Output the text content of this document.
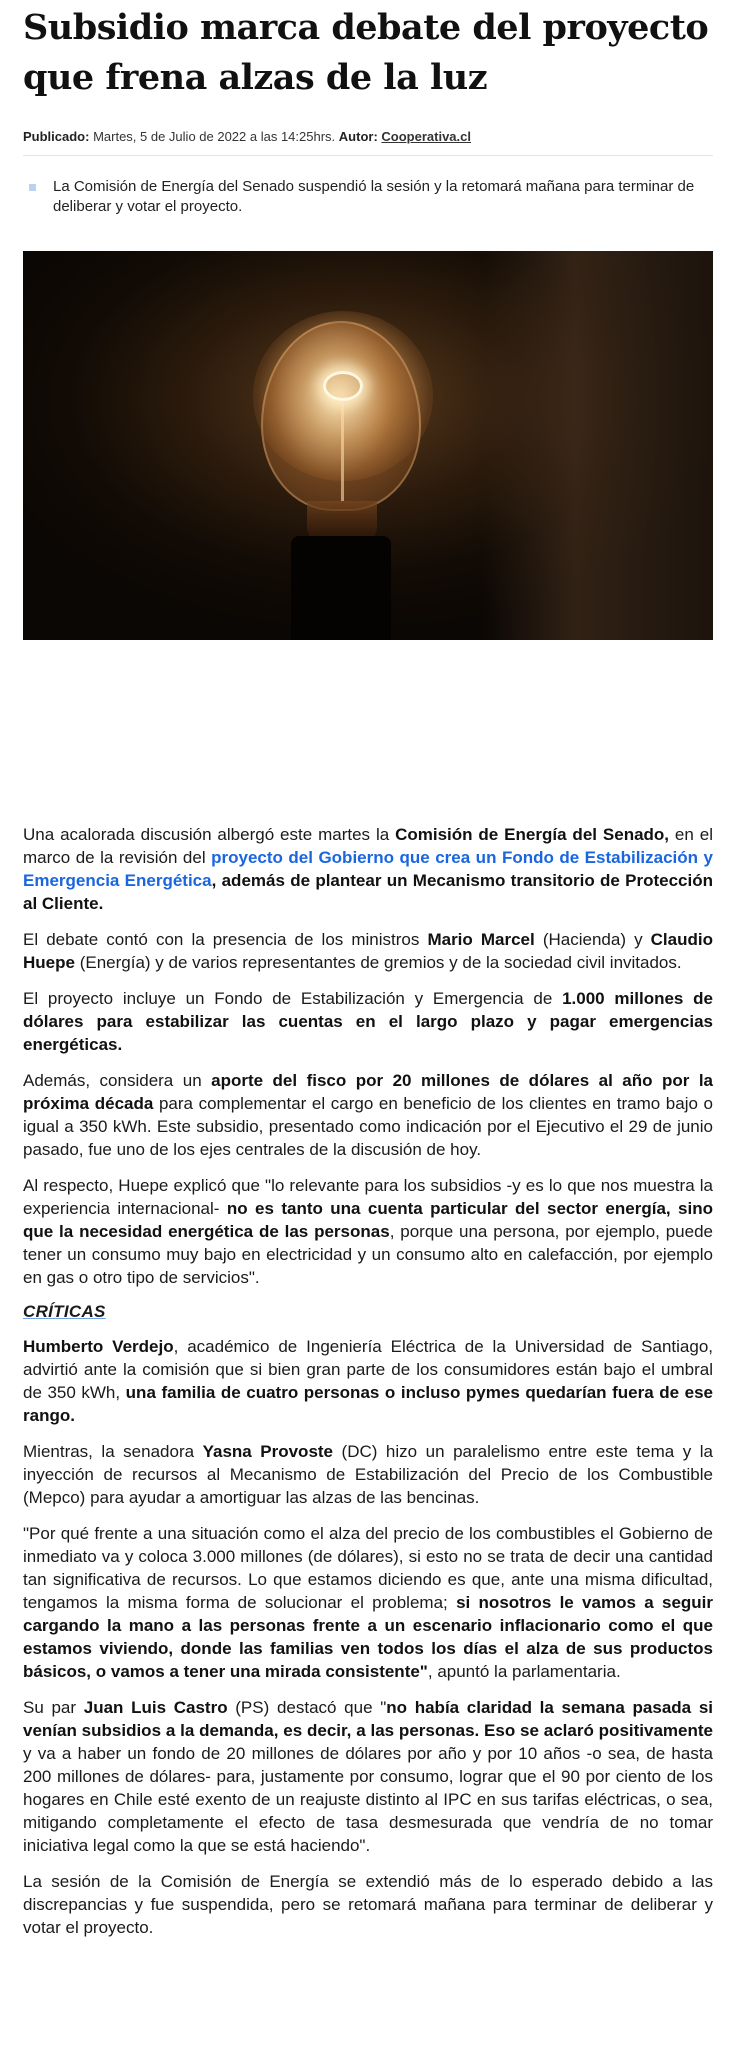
Subsidio marca debate del proyecto que frena alzas de la luz
Publicado: Martes, 5 de Julio de 2022 a las 14:25hrs. Autor: Cooperativa.cl
La Comisión de Energía del Senado suspendió la sesión y la retomará mañana para terminar de deliberar y votar el proyecto.

Una acalorada discusión albergó este martes la Comisión de Energía del Senado, en el marco de la revisión del proyecto del Gobierno que crea un Fondo de Estabilización y Emergencia Energética, además de plantear un Mecanismo transitorio de Protección al Cliente.

El debate contó con la presencia de los ministros Mario Marcel (Hacienda) y Claudio Huepe (Energía) y de varios representantes de gremios y de la sociedad civil invitados.

El proyecto incluye un Fondo de Estabilización y Emergencia de 1.000 millones de dólares para estabilizar las cuentas en el largo plazo y pagar emergencias energéticas.

Además, considera un aporte del fisco por 20 millones de dólares al año por la próxima década para complementar el cargo en beneficio de los clientes en tramo bajo o igual a 350 kWh. Este subsidio, presentado como indicación por el Ejecutivo el 29 de junio pasado, fue uno de los ejes centrales de la discusión de hoy.

Al respecto, Huepe explicó que "lo relevante para los subsidios -y es lo que nos muestra la experiencia internacional- no es tanto una cuenta particular del sector energía, sino que la necesidad energética de las personas, porque una persona, por ejemplo, puede tener un consumo muy bajo en electricidad y un consumo alto en calefacción, por ejemplo en gas o otro tipo de servicios".

CRÍTICAS

Humberto Verdejo, académico de Ingeniería Eléctrica de la Universidad de Santiago, advirtió ante la comisión que si bien gran parte de los consumidores están bajo el umbral de 350 kWh, una familia de cuatro personas o incluso pymes quedarían fuera de ese rango.

Mientras, la senadora Yasna Provoste (DC) hizo un paralelismo entre este tema y la inyección de recursos al Mecanismo de Estabilización del Precio de los Combustible (Mepco) para ayudar a amortiguar las alzas de las bencinas.

"Por qué frente a una situación como el alza del precio de los combustibles el Gobierno de inmediato va y coloca 3.000 millones (de dólares), si esto no se trata de decir una cantidad tan significativa de recursos. Lo que estamos diciendo es que, ante una misma dificultad, tengamos la misma forma de solucionar el problema; si nosotros le vamos a seguir cargando la mano a las personas frente a un escenario inflacionario como el que estamos viviendo, donde las familias ven todos los días el alza de sus productos básicos, o vamos a tener una mirada consistente", apuntó la parlamentaria.

Su par Juan Luis Castro (PS) destacó que "no había claridad la semana pasada si venían subsidios a la demanda, es decir, a las personas. Eso se aclaró positivamente y va a haber un fondo de 20 millones de dólares por año y por 10 años -o sea, de hasta 200 millones de dólares- para, justamente por consumo, lograr que el 90 por ciento de los hogares en Chile esté exento de un reajuste distinto al IPC en sus tarifas eléctricas, o sea, mitigando completamente el efecto de tasa desmesurada que vendría de no tomar iniciativa legal como la que se está haciendo".

La sesión de la Comisión de Energía se extendió más de lo esperado debido a las discrepancias y fue suspendida, pero se retomará mañana para terminar de deliberar y votar el proyecto.
